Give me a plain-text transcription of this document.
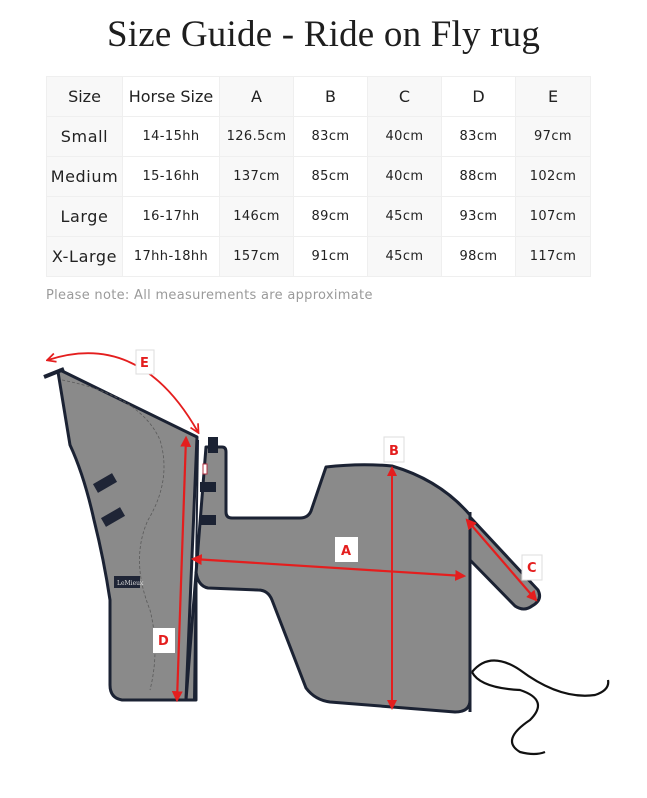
Size Guide - Ride on Fly rug
Size	Horse Size	A	B	C	D	E
Small	14-15hh	126.5cm	83cm	40cm	83cm	97cm
Medium	15-16hh	137cm	85cm	40cm	88cm	102cm
Large	16-17hh	146cm	89cm	45cm	93cm	107cm
X-Large	17hh-18hh	157cm	91cm	45cm	98cm	117cm
Please note: All measurements are approximate
LeMieux
E
B
A
C
D
